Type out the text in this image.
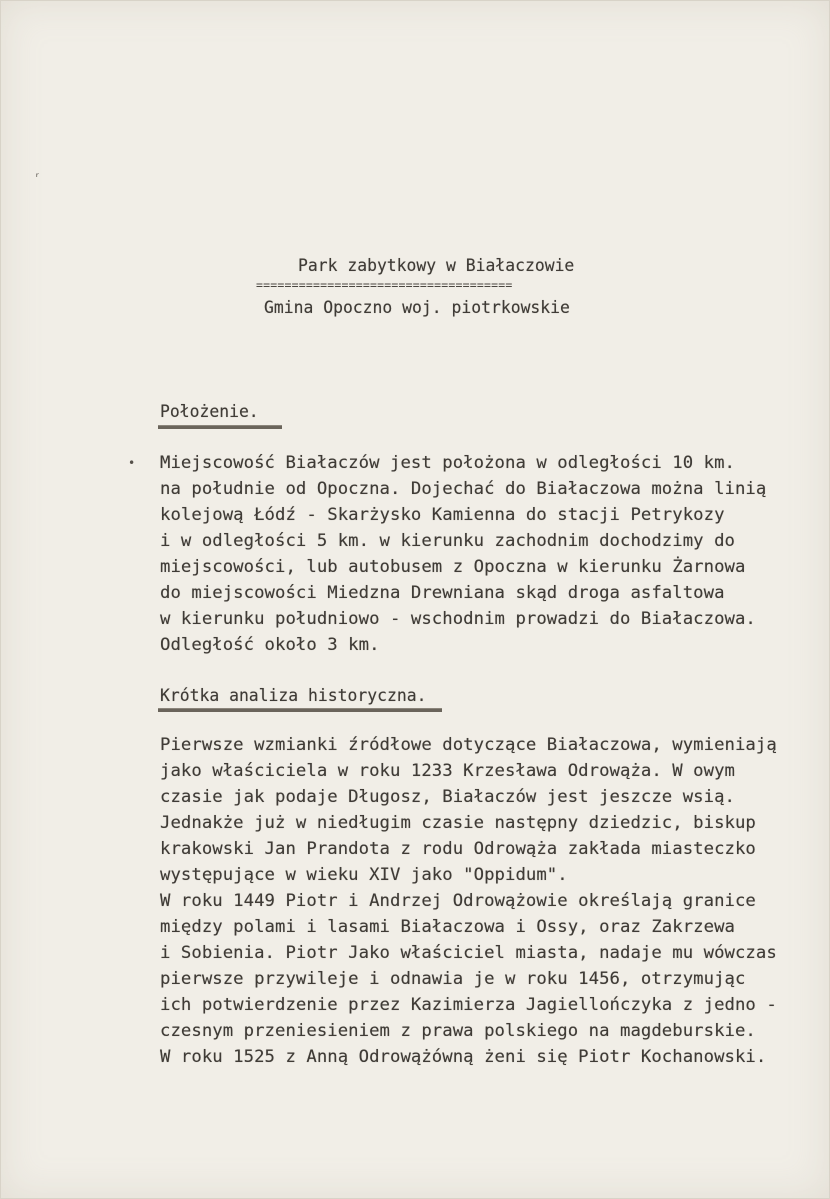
ʳ
•
Park zabytkowy w Białaczowie
====================================
Gmina Opoczno woj. piotrkowskie
Położenie.
Miejscowość Białaczów jest położona w odległości 10 km.
na południe od Opoczna. Dojechać do Białaczowa można linią
kolejową Łódź - Skarżysko Kamienna do stacji Petrykozy
i w odległości 5 km. w kierunku zachodnim dochodzimy do
miejscowości, lub autobusem z Opoczna w kierunku Żarnowa
do miejscowości Miedzna Drewniana skąd droga asfaltowa
w kierunku południowo - wschodnim prowadzi do Białaczowa.
Odległość około 3 km.
Krótka analiza historyczna.
Pierwsze wzmianki źródłowe dotyczące Białaczowa, wymieniają
jako właściciela w roku 1233 Krzesława Odrowąża. W owym
czasie jak podaje Długosz, Białaczów jest jeszcze wsią.
Jednakże już w niedługim czasie następny dziedzic, biskup
krakowski Jan Prandota z rodu Odrowąża zakłada miasteczko
występujące w wieku XIV jako "Oppidum".
W roku 1449 Piotr i Andrzej Odrowążowie określają granice
między polami i lasami Białaczowa i Ossy, oraz Zakrzewa
i Sobienia. Piotr Jako właściciel miasta, nadaje mu wówczas
pierwsze przywileje i odnawia je w roku 1456, otrzymując
ich potwierdzenie przez Kazimierza Jagiellończyka z jedno -
czesnym przeniesieniem z prawa polskiego na magdeburskie.
W roku 1525 z Anną Odrowążówną żeni się Piotr Kochanowski.
